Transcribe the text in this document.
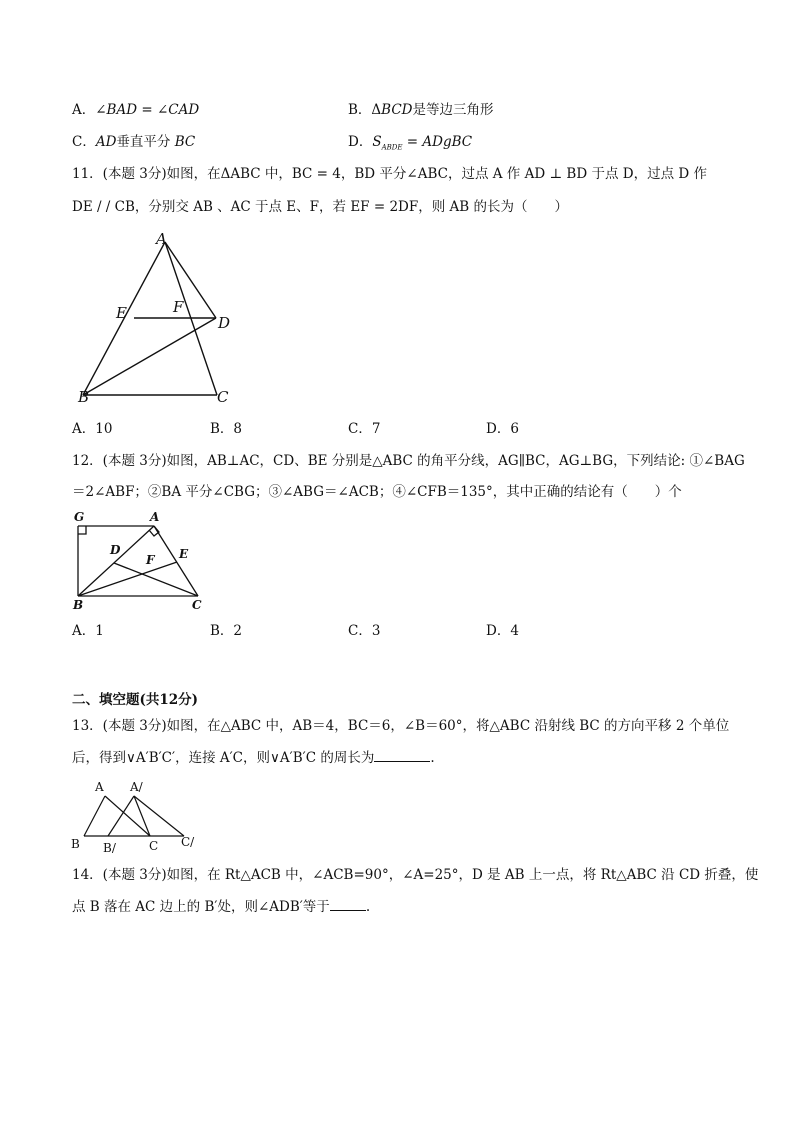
A．∠BAD = ∠CAD	B．ΔBCD是等边三角形
C．AD垂直平分 BC	D．$S_{ABDE}$ = ADgBC
11．(本题 3分)如图，在ΔABC 中，BC = 4，BD 平分∠ABC，过点 A 作 AD ⊥ BD 于点 D，过点 D 作
DE / / CB，分别交 AB 、AC 于点 E、F，若 EF = 2DF，则 AB 的长为（　　）
A
E	F
D
B	C
A．10	B．8	C．7	D．6
12．(本题 3分)如图，AB⊥AC，CD、BE 分别是△ABC 的角平分线，AG∥BC，AG⊥BG，下列结论: ①∠BAG
＝2∠ABF；②BA 平分∠CBG；③∠ABG＝∠ACB；④∠CFB＝135°，其中正确的结论有（　　）个
G	A
D	E
F
B	C
A．1	B．2	C．3	D．4
二、填空题(共12分)
13．(本题 3分)如图，在△ABC 中，AB＝4，BC＝6，∠B＝60°，将△ABC 沿射线 BC 的方向平移 2 个单位
后，得到∨A′B′C′，连接 A′C，则∨A′B′C 的周长为	.
A A/
B B/	C C/
14．(本题 3分)如图，在 Rt△ACB 中，∠ACB=90°，∠A=25°，D 是 AB 上一点，将 Rt△ABC 沿 CD 折叠，使
点 B 落在 AC 边上的 B′处，则∠ADB′等于	.
